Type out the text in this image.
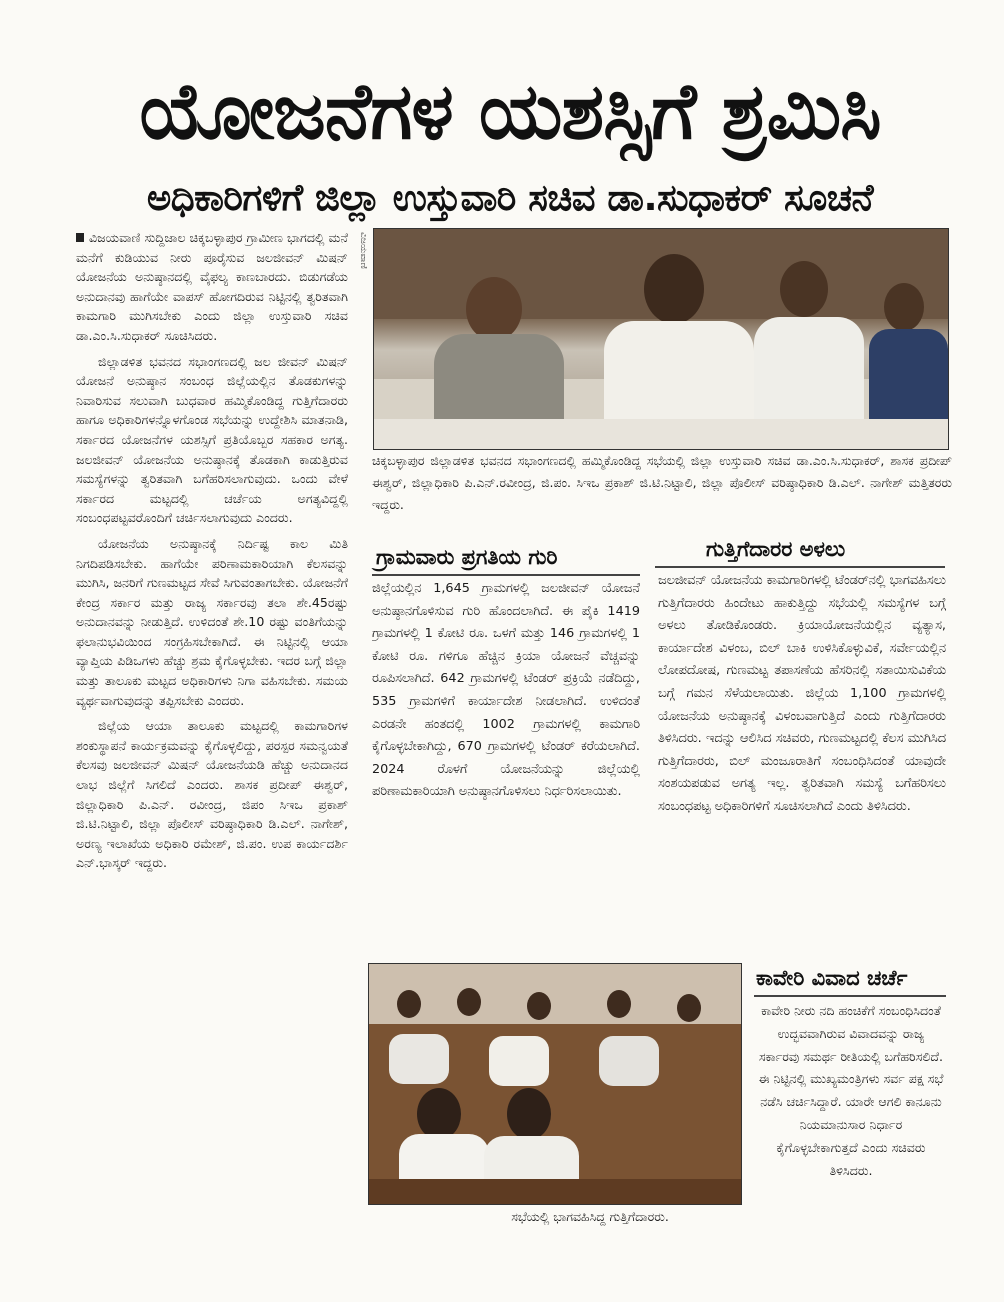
ಯೋಜನೆಗಳ ಯಶಸ್ಸಿಗೆ ಶ್ರಮಿಸಿ
ಅಧಿಕಾರಿಗಳಿಗೆ ಜಿಲ್ಲಾ ಉಸ್ತುವಾರಿ ಸಚಿವ ಡಾ.ಸುಧಾಕರ್ ಸೂಚನೆ

ವಿಜಯವಾಣಿ ಸುದ್ದಿಜಾಲ ಚಿಕ್ಕಬಳ್ಳಾಪುರ ಗ್ರಾಮೀಣ ಭಾಗದಲ್ಲಿ ಮನೆ ಮನೆಗೆ ಕುಡಿಯುವ ನೀರು ಪೂರೈಸುವ ಜಲಜೀವನ್ ಮಿಷನ್ ಯೋಜನೆಯ ಅನುಷ್ಠಾನದಲ್ಲಿ ವೈಫಲ್ಯ ಕಾಣಬಾರದು. ಬಿಡುಗಡೆಯ ಅನುದಾನವು ಹಾಗೆಯೇ ವಾಪಸ್ ಹೋಗದಿರುವ ನಿಟ್ಟಿನಲ್ಲಿ ತ್ವರಿತವಾಗಿ ಕಾಮಗಾರಿ ಮುಗಿಸಬೇಕು ಎಂದು ಜಿಲ್ಲಾ ಉಸ್ತುವಾರಿ ಸಚಿವ ಡಾ.ಎಂ.ಸಿ.ಸುಧಾಕರ್ ಸೂಚಿಸಿದರು.

ಜಿಲ್ಲಾಡಳಿತ ಭವನದ ಸಭಾಂಗಣದಲ್ಲಿ ಜಲ ಜೀವನ್ ಮಿಷನ್ ಯೋಜನೆ ಅನುಷ್ಠಾನ ಸಂಬಂಧ ಜಿಲ್ಲೆಯಲ್ಲಿನ ತೊಡಕುಗಳನ್ನು ನಿವಾರಿಸುವ ಸಲುವಾಗಿ ಬುಧವಾರ ಹಮ್ಮಿಕೊಂಡಿದ್ದ ಗುತ್ತಿಗೆದಾರರು ಹಾಗೂ ಅಧಿಕಾರಿಗಳನ್ನೊಳಗೊಂಡ ಸಭೆಯನ್ನು ಉದ್ದೇಶಿಸಿ ಮಾತನಾಡಿ, ಸರ್ಕಾರದ ಯೋಜನೆಗಳ ಯಶಸ್ಸಿಗೆ ಪ್ರತಿಯೊಬ್ಬರ ಸಹಕಾರ ಅಗತ್ಯ. ಜಲಜೀವನ್ ಯೋಜನೆಯ ಅನುಷ್ಠಾನಕ್ಕೆ ತೊಡಕಾಗಿ ಕಾಡುತ್ತಿರುವ ಸಮಸ್ಯೆಗಳನ್ನು ತ್ವರಿತವಾಗಿ ಬಗೆಹರಿಸಲಾಗುವುದು. ಒಂದು ವೇಳೆ ಸರ್ಕಾರದ ಮಟ್ಟದಲ್ಲಿ ಚರ್ಚೆಯ ಅಗತ್ಯವಿದ್ದಲ್ಲಿ ಸಂಬಂಧಪಟ್ಟವರೊಂದಿಗೆ ಚರ್ಚಿಸಲಾಗುವುದು ಎಂದರು.

ಯೋಜನೆಯ ಅನುಷ್ಠಾನಕ್ಕೆ ನಿರ್ದಿಷ್ಟ ಕಾಲ ಮಿತಿ ನಿಗದಿಪಡಿಸಬೇಕು. ಹಾಗೆಯೇ ಪರಿಣಾಮಕಾರಿಯಾಗಿ ಕೆಲಸವನ್ನು ಮುಗಿಸಿ, ಜನರಿಗೆ ಗುಣಮಟ್ಟದ ಸೇವೆ ಸಿಗುವಂತಾಗಬೇಕು. ಯೋಜನೆಗೆ ಕೇಂದ್ರ ಸರ್ಕಾರ ಮತ್ತು ರಾಜ್ಯ ಸರ್ಕಾರವು ತಲಾ ಶೇ.45ರಷ್ಟು ಅನುದಾನವನ್ನು ನೀಡುತ್ತಿದೆ. ಉಳಿದಂತೆ ಶೇ.10 ರಷ್ಟು ವಂತಿಗೆಯನ್ನು ಫಲಾನುಭವಿಯಿಂದ ಸಂಗ್ರಹಿಸಬೇಕಾಗಿದೆ. ಈ ನಿಟ್ಟಿನಲ್ಲಿ ಆಯಾ ವ್ಯಾಪ್ತಿಯ ಪಿಡಿಒಗಳು ಹೆಚ್ಚು ಶ್ರಮ ಕೈಗೊಳ್ಳಬೇಕು. ಇದರ ಬಗ್ಗೆ ಜಿಲ್ಲಾ ಮತ್ತು ತಾಲೂಕು ಮಟ್ಟದ ಅಧಿಕಾರಿಗಳು ನಿಗಾ ವಹಿಸಬೇಕು. ಸಮಯ ವ್ಯರ್ಥವಾಗುವುದನ್ನು ತಪ್ಪಿಸಬೇಕು ಎಂದರು.

ಜಿಲ್ಲೆಯ ಆಯಾ ತಾಲೂಕು ಮಟ್ಟದಲ್ಲಿ ಕಾಮಗಾರಿಗಳ ಶಂಕುಸ್ಥಾಪನೆ ಕಾರ್ಯಕ್ರಮವನ್ನು ಕೈಗೊಳ್ಳಲಿದ್ದು, ಪರಸ್ಪರ ಸಮನ್ವಯತೆ ಕೆಲಸವು ಜಲಜೀವನ್ ಮಿಷನ್ ಯೋಜನೆಯಡಿ ಹೆಚ್ಚು ಅನುದಾನದ ಲಾಭ ಜಿಲ್ಲೆಗೆ ಸಿಗಲಿದೆ ಎಂದರು. ಶಾಸಕ ಪ್ರದೀಪ್ ಈಶ್ವರ್, ಜಿಲ್ಲಾಧಿಕಾರಿ ಪಿ.ಎನ್. ರವೀಂದ್ರ, ಜಿಪಂ ಸಿಇಒ ಪ್ರಕಾಶ್ ಜಿ.ಟಿ.ನಿಟ್ಟಾಲಿ, ಜಿಲ್ಲಾ ಪೊಲೀಸ್ ವರಿಷ್ಠಾಧಿಕಾರಿ ಡಿ.ಎಲ್. ನಾಗೇಶ್, ಅರಣ್ಯ ಇಲಾಖೆಯ ಅಧಿಕಾರಿ ರಮೇಶ್, ಜಿ.ಪಂ. ಉಪ ಕಾರ್ಯದರ್ಶಿ ಎನ್.ಭಾಸ್ಕರ್ ಇದ್ದರು.

ವಿಜಯವಾಣಿ
ಚಿಕ್ಕಬಳ್ಳಾಪುರ ಜಿಲ್ಲಾಡಳಿತ ಭವನದ ಸಭಾಂಗಣದಲ್ಲಿ ಹಮ್ಮಿಕೊಂಡಿದ್ದ ಸಭೆಯಲ್ಲಿ ಜಿಲ್ಲಾ ಉಸ್ತುವಾರಿ ಸಚಿವ ಡಾ.ಎಂ.ಸಿ.ಸುಧಾಕರ್, ಶಾಸಕ ಪ್ರದೀಪ್ ಈಶ್ವರ್, ಜಿಲ್ಲಾಧಿಕಾರಿ ಪಿ.ಎನ್.ರವೀಂದ್ರ, ಜಿ.ಪಂ. ಸಿಇಒ ಪ್ರಕಾಶ್ ಜಿ.ಟಿ.ನಿಟ್ಟಾಲಿ, ಜಿಲ್ಲಾ ಪೊಲೀಸ್ ವರಿಷ್ಠಾಧಿಕಾರಿ ಡಿ.ಎಲ್. ನಾಗೇಶ್ ಮತ್ತಿತರರು ಇದ್ದರು.
ಗ್ರಾಮವಾರು ಪ್ರಗತಿಯ ಗುರಿ
ಜಿಲ್ಲೆಯಲ್ಲಿನ 1,645 ಗ್ರಾಮಗಳಲ್ಲಿ ಜಲಜೀವನ್ ಯೋಜನೆ ಅನುಷ್ಠಾನಗೊಳಿಸುವ ಗುರಿ ಹೊಂದಲಾಗಿದೆ. ಈ ಪೈಕಿ 1419 ಗ್ರಾಮಗಳಲ್ಲಿ 1 ಕೋಟಿ ರೂ. ಒಳಗೆ ಮತ್ತು 146 ಗ್ರಾಮಗಳಲ್ಲಿ 1 ಕೋಟಿ ರೂ. ಗಳಿಗೂ ಹೆಚ್ಚಿನ ಕ್ರಿಯಾ ಯೋಜನೆ ವೆಚ್ಚವನ್ನು ರೂಪಿಸಲಾಗಿದೆ. 642 ಗ್ರಾಮಗಳಲ್ಲಿ ಟೆಂಡರ್ ಪ್ರಕ್ರಿಯೆ ನಡೆದಿದ್ದು, 535 ಗ್ರಾಮಗಳಿಗೆ ಕಾರ್ಯಾದೇಶ ನೀಡಲಾಗಿದೆ. ಉಳಿದಂತೆ ಎರಡನೇ ಹಂತದಲ್ಲಿ 1002 ಗ್ರಾಮಗಳಲ್ಲಿ ಕಾಮಗಾರಿ ಕೈಗೊಳ್ಳಬೇಕಾಗಿದ್ದು, 670 ಗ್ರಾಮಗಳಲ್ಲಿ ಟೆಂಡರ್ ಕರೆಯಲಾಗಿದೆ. 2024 ರೊಳಗೆ ಯೋಜನೆಯನ್ನು ಜಿಲ್ಲೆಯಲ್ಲಿ ಪರಿಣಾಮಕಾರಿಯಾಗಿ ಅನುಷ್ಠಾನಗೊಳಿಸಲು ನಿರ್ಧರಿಸಲಾಯಿತು.
ಗುತ್ತಿಗೆದಾರರ ಅಳಲು
ಜಲಜೀವನ್ ಯೋಜನೆಯ ಕಾಮಗಾರಿಗಳಲ್ಲಿ ಟೆಂಡರ್‌ನಲ್ಲಿ ಭಾಗವಹಿಸಲು ಗುತ್ತಿಗೆದಾರರು ಹಿಂದೇಟು ಹಾಕುತ್ತಿದ್ದು ಸಭೆಯಲ್ಲಿ ಸಮಸ್ಯೆಗಳ ಬಗ್ಗೆ ಅಳಲು ತೋಡಿಕೊಂಡರು. ಕ್ರಿಯಾಯೋಜನೆಯಲ್ಲಿನ ವ್ಯತ್ಯಾಸ, ಕಾರ್ಯಾದೇಶ ವಿಳಂಬ, ಬಿಲ್ ಬಾಕಿ ಉಳಿಸಿಕೊಳ್ಳುವಿಕೆ, ಸರ್ವೇಯಲ್ಲಿನ ಲೋಪದೋಷ, ಗುಣಮಟ್ಟ ತಪಾಸಣೆಯ ಹೆಸರಿನಲ್ಲಿ ಸತಾಯಿಸುವಿಕೆಯ ಬಗ್ಗೆ ಗಮನ ಸೆಳೆಯಲಾಯಿತು. ಜಿಲ್ಲೆಯ 1,100 ಗ್ರಾಮಗಳಲ್ಲಿ ಯೋಜನೆಯ ಅನುಷ್ಠಾನಕ್ಕೆ ವಿಳಂಬವಾಗುತ್ತಿದೆ ಎಂದು ಗುತ್ತಿಗೆದಾರರು ತಿಳಿಸಿದರು. ಇದನ್ನು ಆಲಿಸಿದ ಸಚಿವರು, ಗುಣಮಟ್ಟದಲ್ಲಿ ಕೆಲಸ ಮುಗಿಸಿದ ಗುತ್ತಿಗೆದಾರರು, ಬಿಲ್ ಮಂಜೂರಾತಿಗೆ ಸಂಬಂಧಿಸಿದಂತೆ ಯಾವುದೇ ಸಂಶಯಪಡುವ ಅಗತ್ಯ ಇಲ್ಲ. ತ್ವರಿತವಾಗಿ ಸಮಸ್ಯೆ ಬಗೆಹರಿಸಲು ಸಂಬಂಧಪಟ್ಟ ಅಧಿಕಾರಿಗಳಿಗೆ ಸೂಚಿಸಲಾಗಿದೆ ಎಂದು ತಿಳಿಸಿದರು.
ಸಭೆಯಲ್ಲಿ ಭಾಗವಹಿಸಿದ್ದ ಗುತ್ತಿಗೆದಾರರು.
ಕಾವೇರಿ ವಿವಾದ ಚರ್ಚೆ
ಕಾವೇರಿ ನೀರು ನದಿ ಹಂಚಿಕೆಗೆ ಸಂಬಂಧಿಸಿದಂತೆ ಉದ್ಭವವಾಗಿರುವ ವಿವಾದವನ್ನು ರಾಜ್ಯ ಸರ್ಕಾರವು ಸಮರ್ಥ ರೀತಿಯಲ್ಲಿ ಬಗೆಹರಿಸಲಿದೆ. ಈ ನಿಟ್ಟಿನಲ್ಲಿ ಮುಖ್ಯಮಂತ್ರಿಗಳು ಸರ್ವ ಪಕ್ಷ ಸಭೆ ನಡೆಸಿ ಚರ್ಚಿಸಿದ್ದಾರೆ. ಯಾರೇ ಆಗಲಿ ಕಾನೂನು ನಿಯಮಾನುಸಾರ ನಿರ್ಧಾರ ಕೈಗೊಳ್ಳಬೇಕಾಗುತ್ತದೆ ಎಂದು ಸಚಿವರು ತಿಳಿಸಿದರು.
